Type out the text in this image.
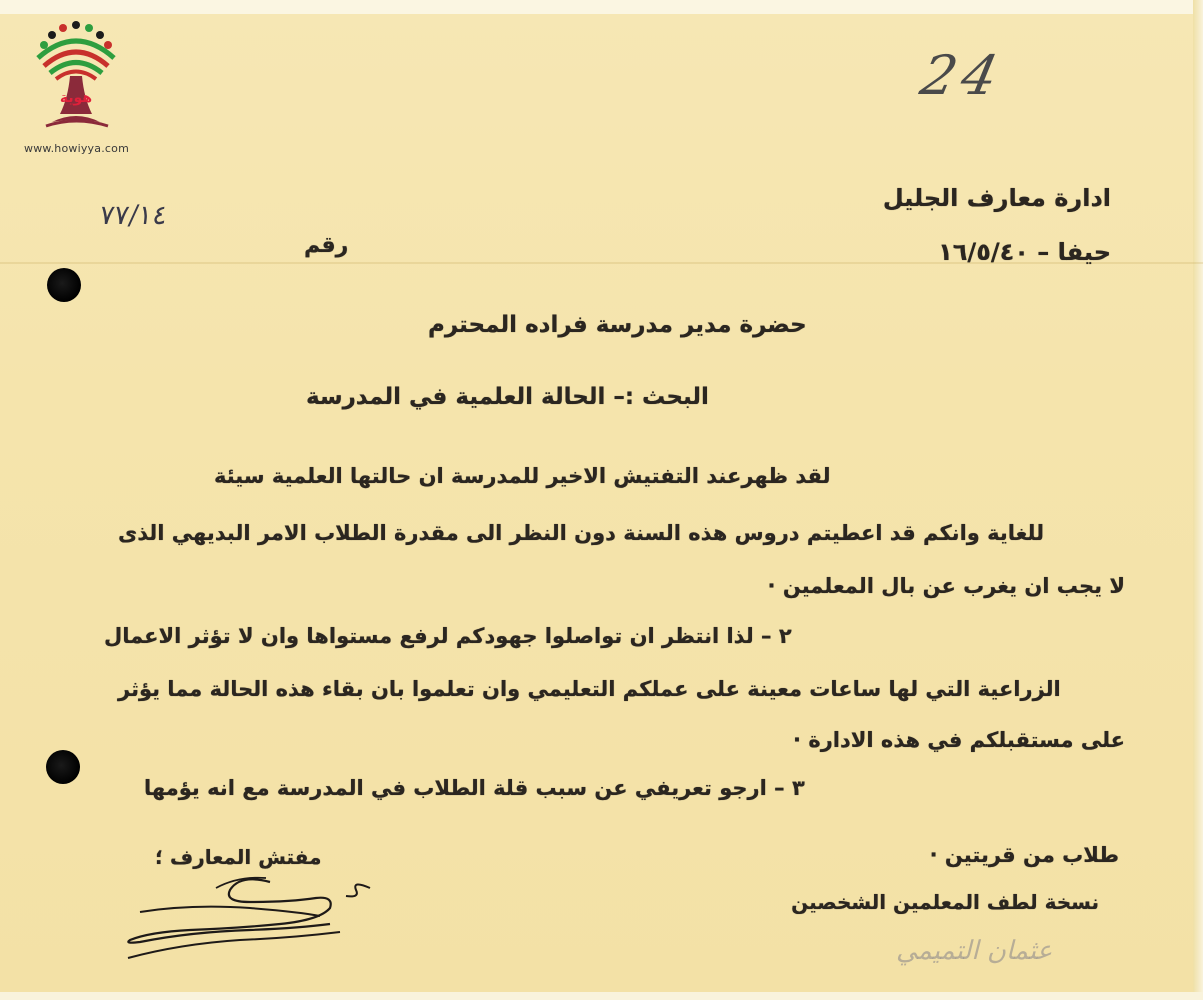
هوية
www.howiyya.com
24
٧٧/١٤
ادارة معارف الجليل
حيفا – ١٦/٥/٤٠
رقم
حضرة مدير مدرسة فراده المحترم
البحث :– الحالة العلمية في المدرسة
لقد ظهرعند التفتيش الاخير للمدرسة ان حالتها العلمية سيئة
للغاية وانكم قد اعطيتم دروس هذه السنة دون النظر الى مقدرة الطلاب الامر البديهي الذى
لا يجب ان يغرب عن بال المعلمين ·
٢ – لذا انتظر ان تواصلوا جهودكم لرفع مستواها وان لا تؤثر الاعمال
الزراعية التي لها ساعات معينة على عملكم التعليمي وان تعلموا بان بقاء هذه الحالة مما يؤثر
على مستقبلكم في هذه الادارة ·
٣ – ارجو تعريفي عن سبب قلة الطلاب في المدرسة مع انه يؤمها
طلاب من قريتين ·
نسخة لطف المعلمين الشخصين
مفتش المعارف ؛
عثمان التميمي
